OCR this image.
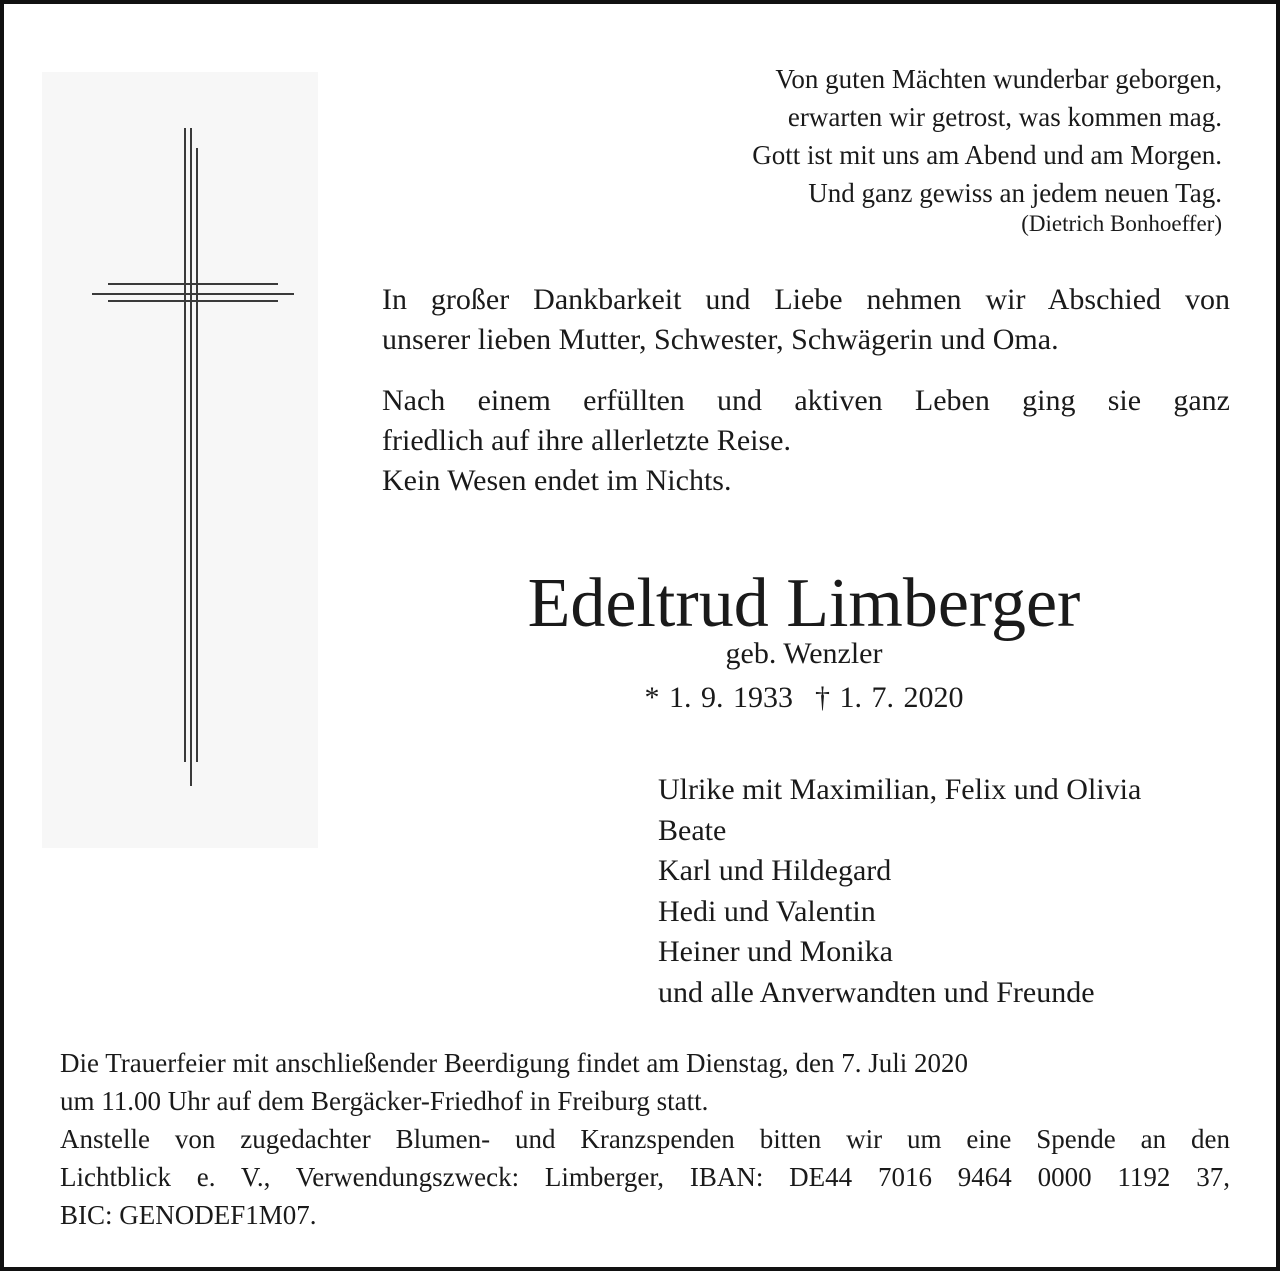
Von guten Mächten wunderbar geborgen,
erwarten wir getrost, was kommen mag.
Gott ist mit uns am Abend und am Morgen.
Und ganz gewiss an jedem neuen Tag.
(Dietrich Bonhoeffer)

In großer Dankbarkeit und Liebe nehmen wir Abschied von
unserer lieben Mutter, Schwester, Schwägerin und Oma.

Nach einem erfüllten und aktiven Leben ging sie ganz
friedlich auf ihre allerletzte Reise.
Kein Wesen endet im Nichts.

Edeltrud Limberger
geb. Wenzler
* 1. 9. 1933 † 1. 7. 2020
Ulrike mit Maximilian, Felix und Olivia
Beate
Karl und Hildegard
Hedi und Valentin
Heiner und Monika
und alle Anverwandten und Freunde
Die Trauerfeier mit anschließender Beerdigung findet am Dienstag, den 7. Juli 2020
um 11.00 Uhr auf dem Bergäcker-Friedhof in Freiburg statt.
Anstelle von zugedachter Blumen- und Kranzspenden bitten wir um eine Spende an den
Lichtblick e. V., Verwendungszweck: Limberger, IBAN: DE44 7016 9464 0000 1192 37,
BIC: GENODEF1M07.
